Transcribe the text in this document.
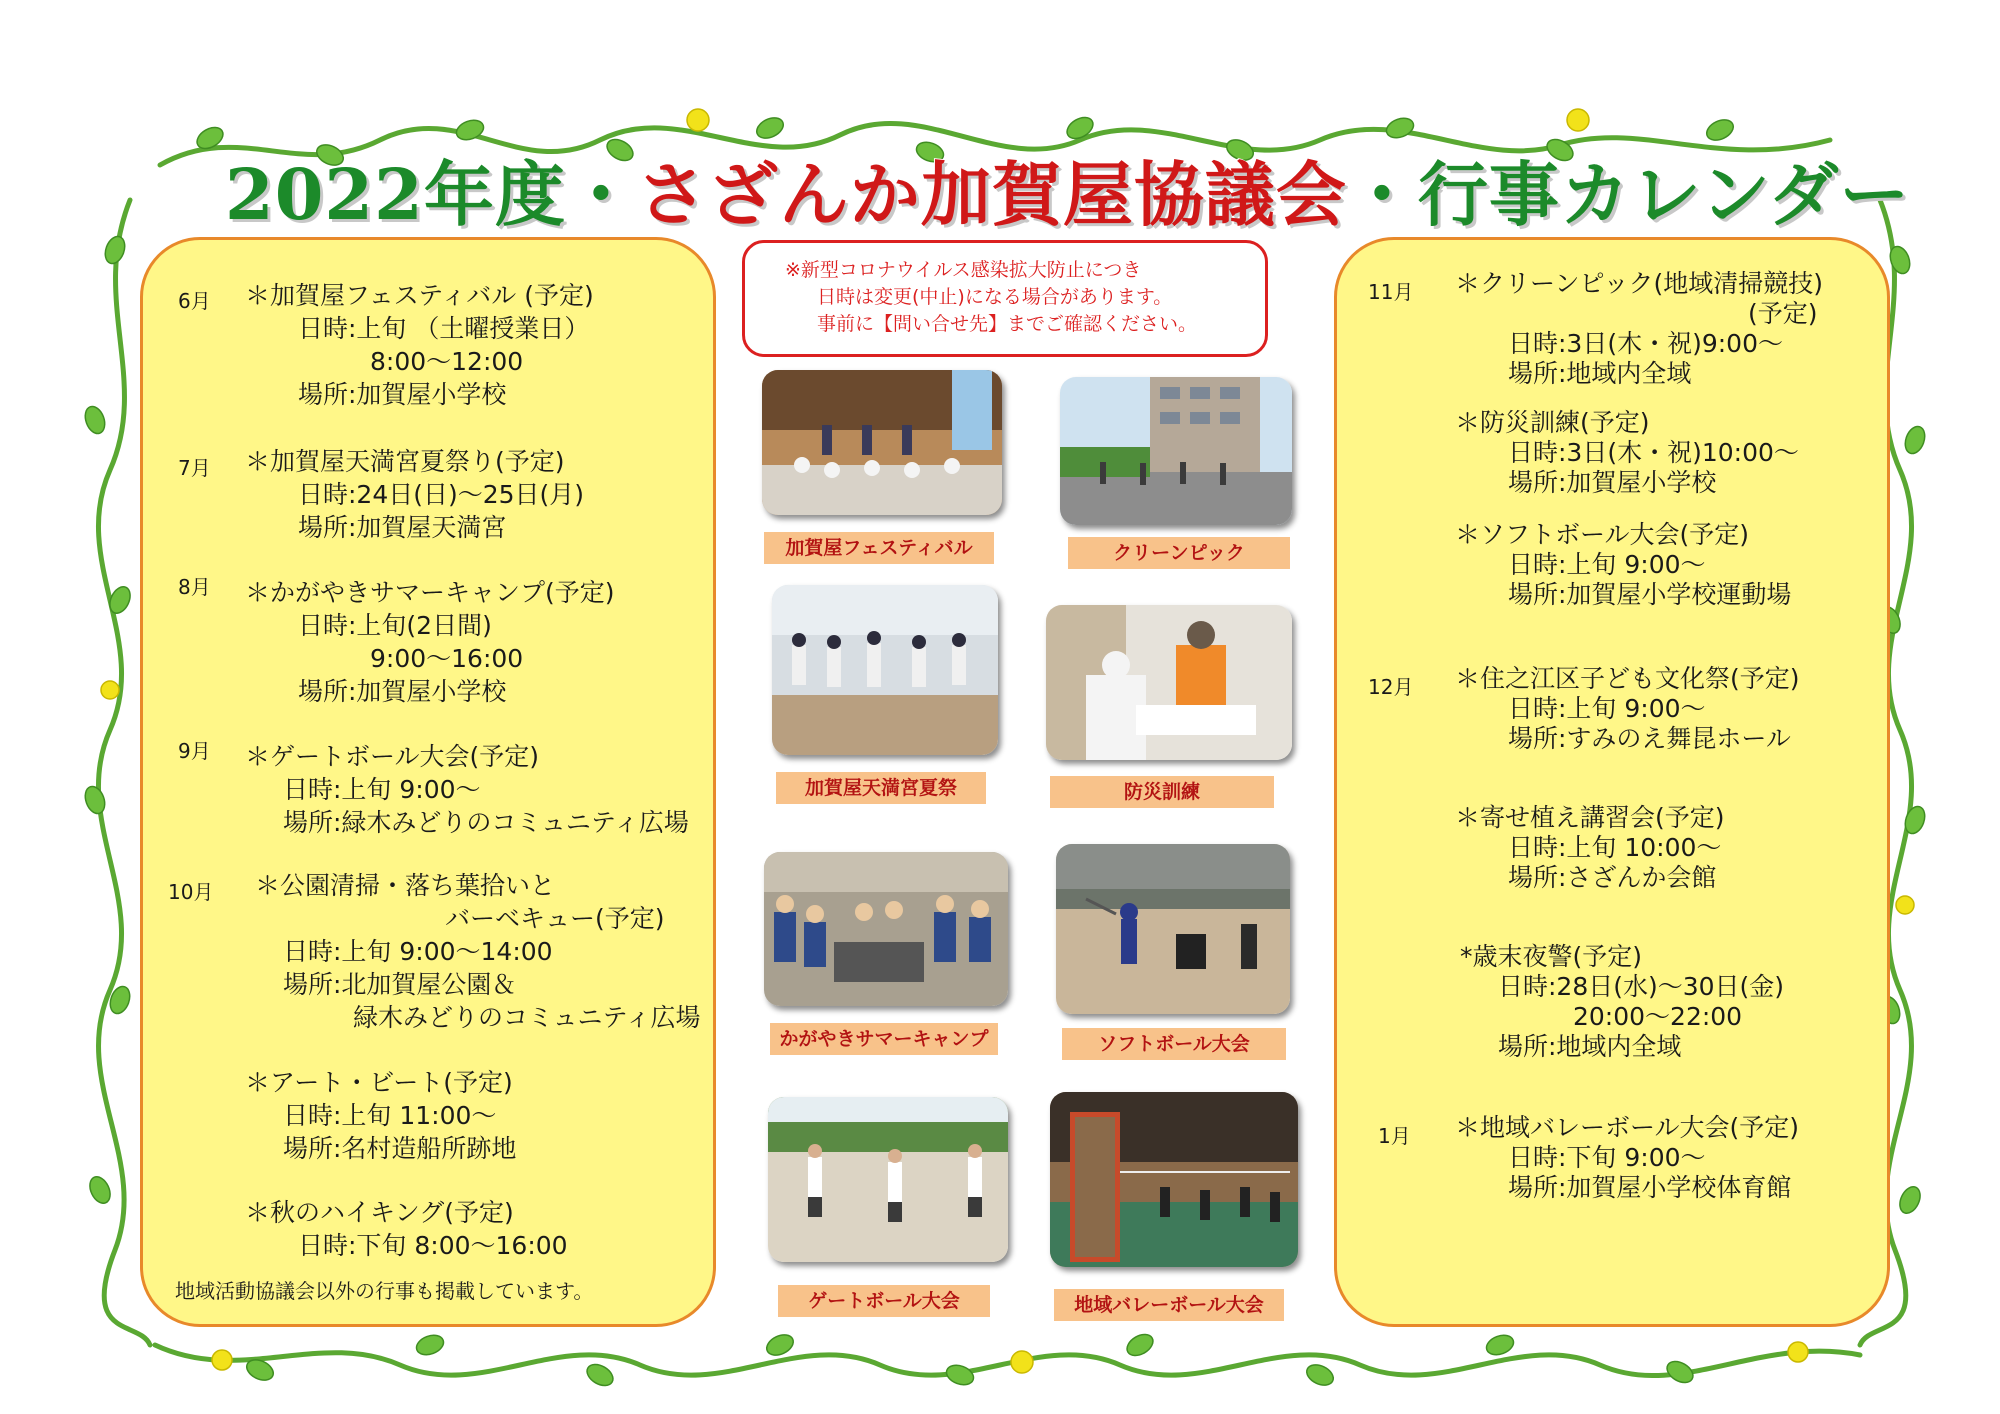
2022年度・さざんか加賀屋協議会・行事カレンダー
6月 ＊加賀屋フェスティバル (予定)
日時:上旬 （土曜授業日）
8:00～12:00
場所:加賀屋小学校
7月 ＊加賀屋天満宮夏祭り(予定)
日時:24日(日)～25日(月)
場所:加賀屋天満宮
8月 ＊かがやきサマーキャンプ(予定)
日時:上旬(2日間)
9:00～16:00
場所:加賀屋小学校
9月 ＊ゲートボール大会(予定)
日時:上旬 9:00～
場所:緑木みどりのコミュニティ広場
10月 ＊公園清掃・落ち葉拾いと
バーベキュー(予定)
日時:上旬 9:00～14:00
場所:北加賀屋公園＆
緑木みどりのコミュニティ広場
＊アート・ビート(予定)
日時:上旬 11:00～
場所:名村造船所跡地
＊秋のハイキング(予定)
日時:下旬 8:00～16:00
地域活動協議会以外の行事も掲載しています。
11月 ＊クリーンピック(地域清掃競技)
(予定)
日時:3日(木・祝)9:00～
場所:地域内全域
＊防災訓練(予定)
日時:3日(木・祝)10:00～
場所:加賀屋小学校
＊ソフトボール大会(予定)
日時:上旬 9:00～
場所:加賀屋小学校運動場
12月 ＊住之江区子ども文化祭(予定)
日時:上旬 9:00～
場所:すみのえ舞昆ホール
＊寄せ植え講習会(予定)
日時:上旬 10:00～
場所:さざんか会館
*歳末夜警(予定)
日時:28日(水)～30日(金)
20:00～22:00
場所:地域内全域
1月 ＊地域バレーボール大会(予定)
日時:下旬 9:00～
場所:加賀屋小学校体育館
※新型コロナウイルス感染拡大防止につき
日時は変更(中止)になる場合があります。
事前に【問い合せ先】までご確認ください。
加賀屋フェスティバル	クリーンピック
加賀屋天満宮夏祭	防災訓練
かがやきサマーキャンプ	ソフトボール大会
ゲートボール大会	地域バレーボール大会
